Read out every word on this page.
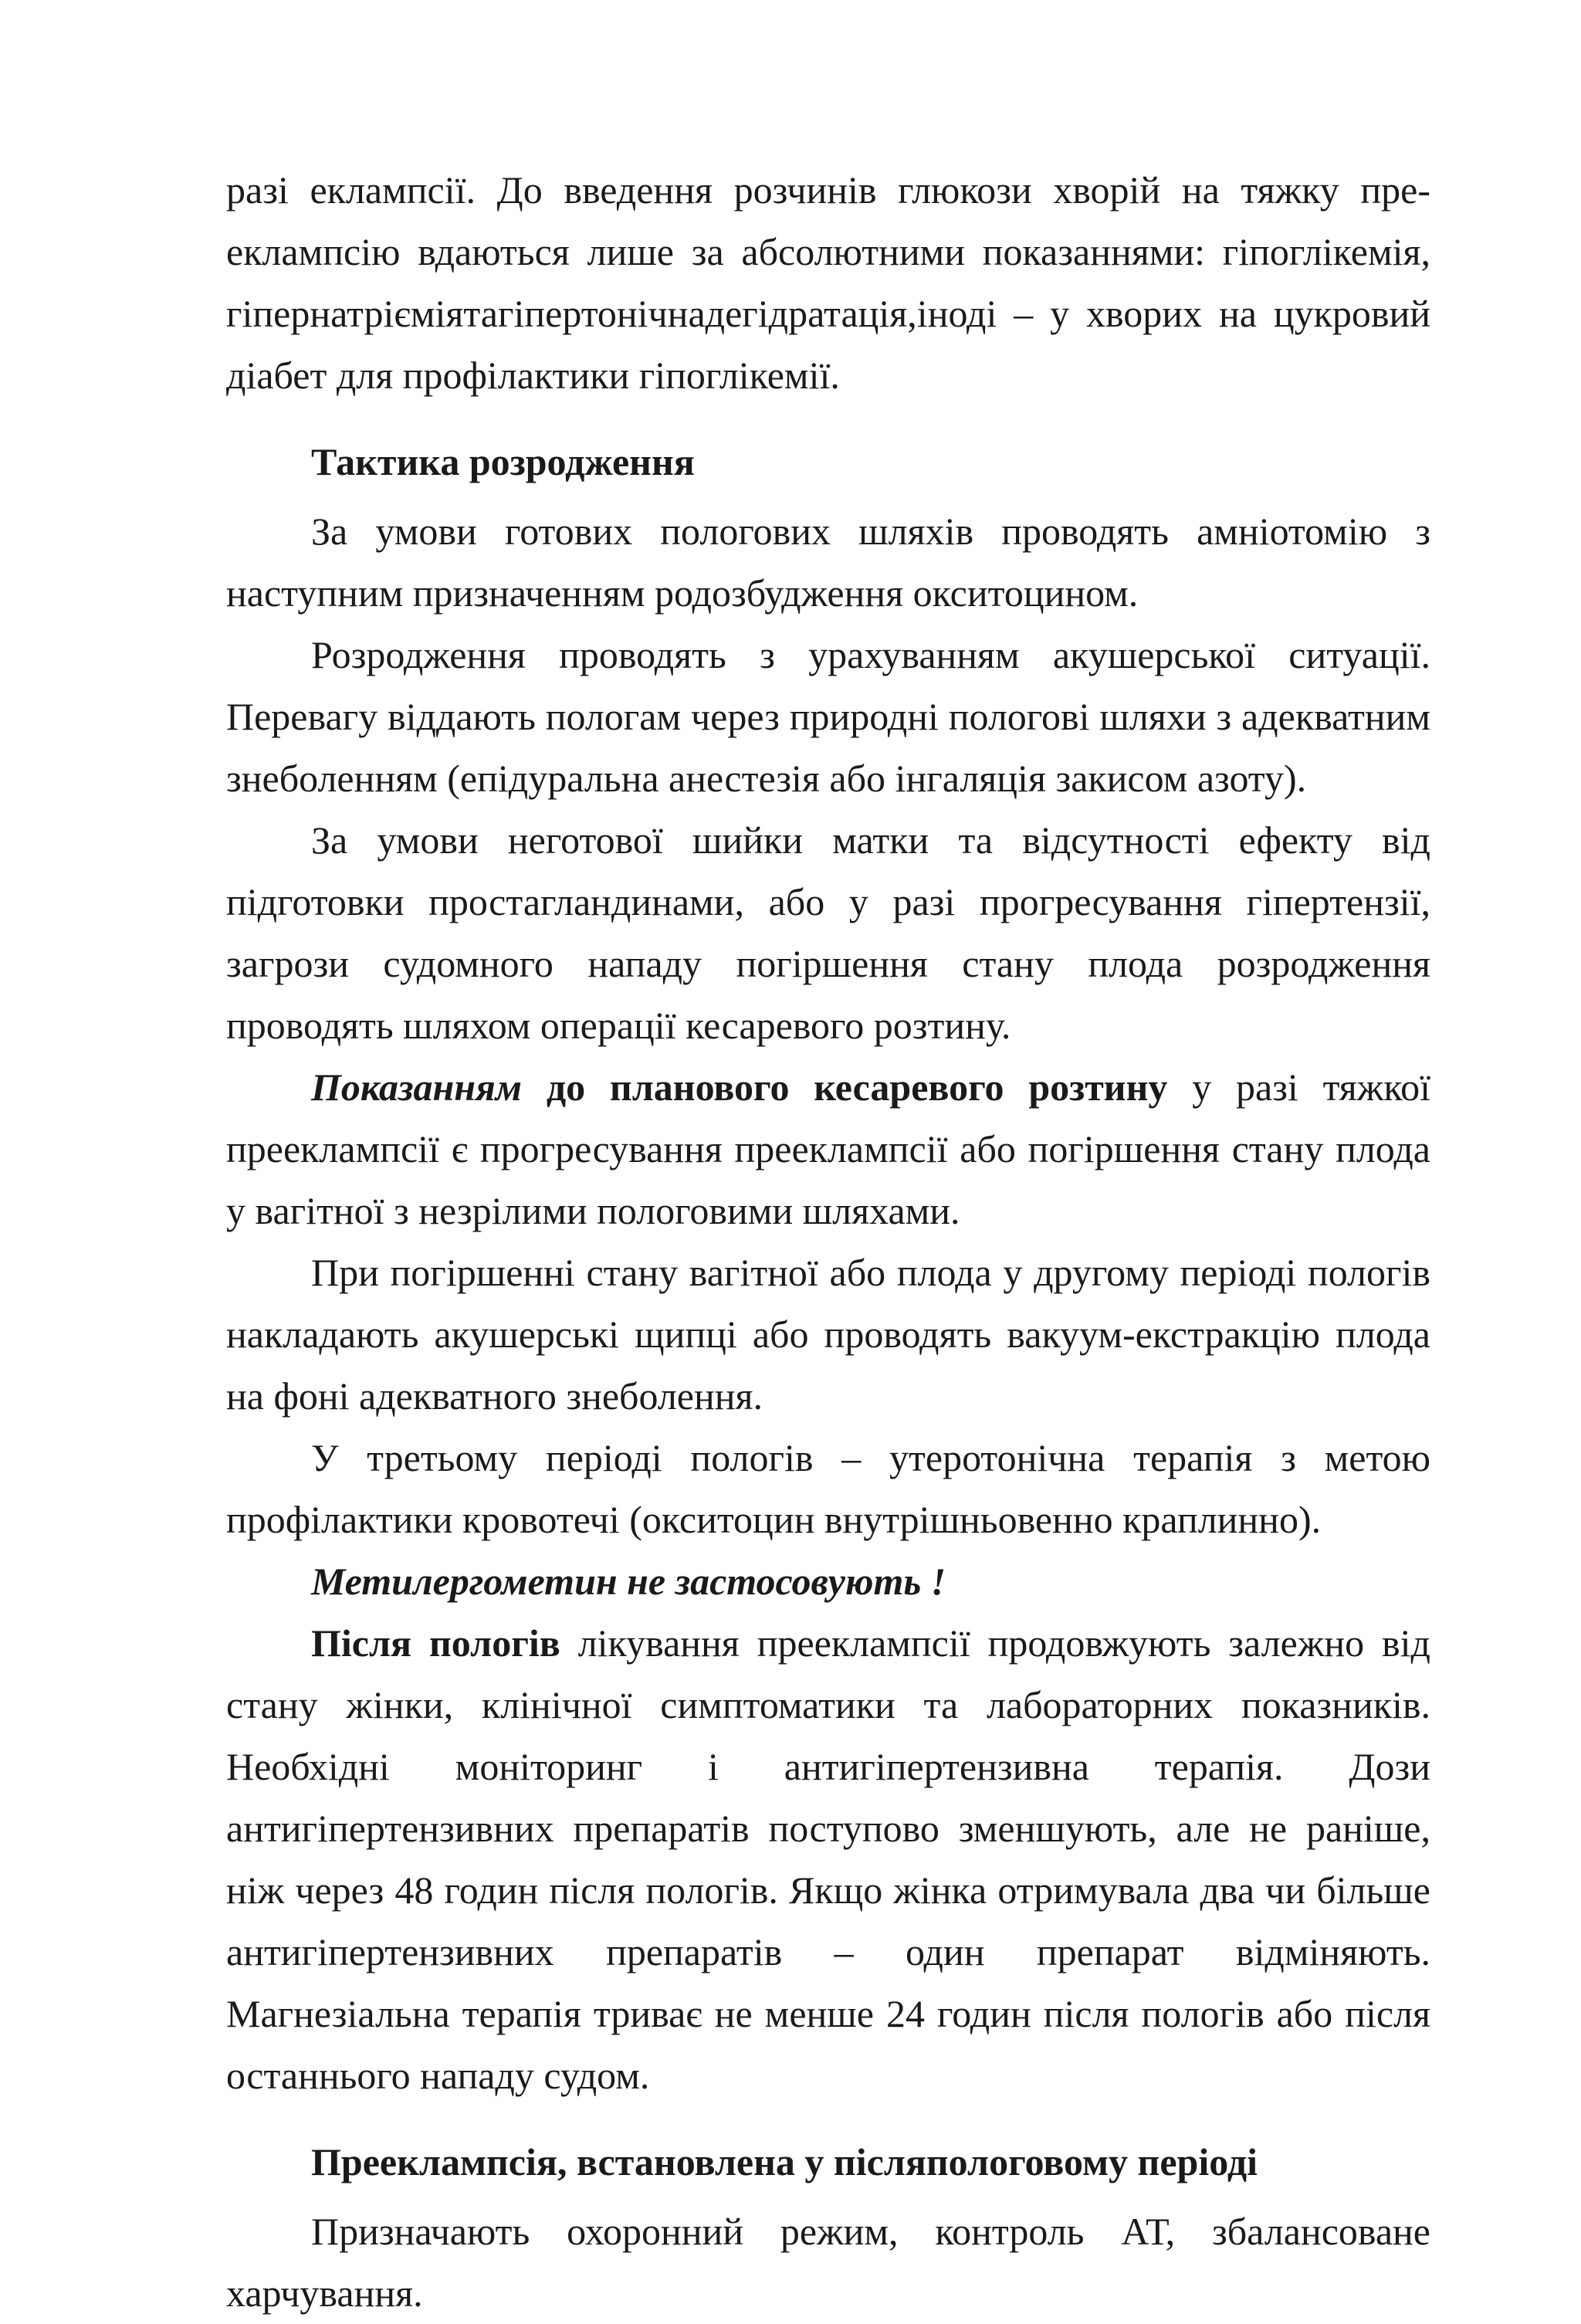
разі еклампсії. До введення розчинів глюкози хворій на тяжку прееклампсію вдаються лише за абсолютними показаннями: гіпоглікемія, гіпернатрієміятагіпертонічнадегідратація,іноді – у хворих на цукровий діабет для профілактики гіпоглікемії.

Тактика розродження

За умови готових пологових шляхів проводять амніотомію з наступним призначенням родозбудження окситоцином.

Розродження проводять з урахуванням акушерської ситуації. Перевагу віддають пологам через природні пологові шляхи з адекватним знеболенням (епідуральна анестезія або інгаляція закисом азоту).

За умови неготової шийки матки та відсутності ефекту від підготовки простагландинами, або у разі прогресування гіпертензії, загрози судомного нападу погіршення стану плода розродження проводять шляхом операції кесаревого розтину.

Показанням до планового кесаревого розтину у разі тяжкої прееклампсії є прогресування прееклампсії або погіршення стану плода у вагітної з незрілими пологовими шляхами.

При погіршенні стану вагітної або плода у другому періоді пологів накладають акушерські щипці або проводять вакуум-екстракцію плода на фоні адекватного знеболення.

У третьому періоді пологів – утеротонічна терапія з метою профілактики кровотечі (окситоцин внутрішньовенно краплинно).

Метилергометин не застосовують !

Після пологів лікування прееклампсії продовжують залежно від стану жінки, клінічної симптоматики та лабораторних показників. Необхідні моніторинг і антигіпертензивна терапія. Дози антигіпертензивних препаратів поступово зменшують, але не раніше, ніж через 48 годин після пологів. Якщо жінка отримувала два чи більше антигіпертензивних препаратів – один препарат відміняють. Магнезіальна терапія триває не менше 24 годин після пологів або після останнього нападу судом.

Прееклампсія, встановлена у післяпологовому періоді

Призначають охоронний режим, контроль АТ, збалансоване харчування.
